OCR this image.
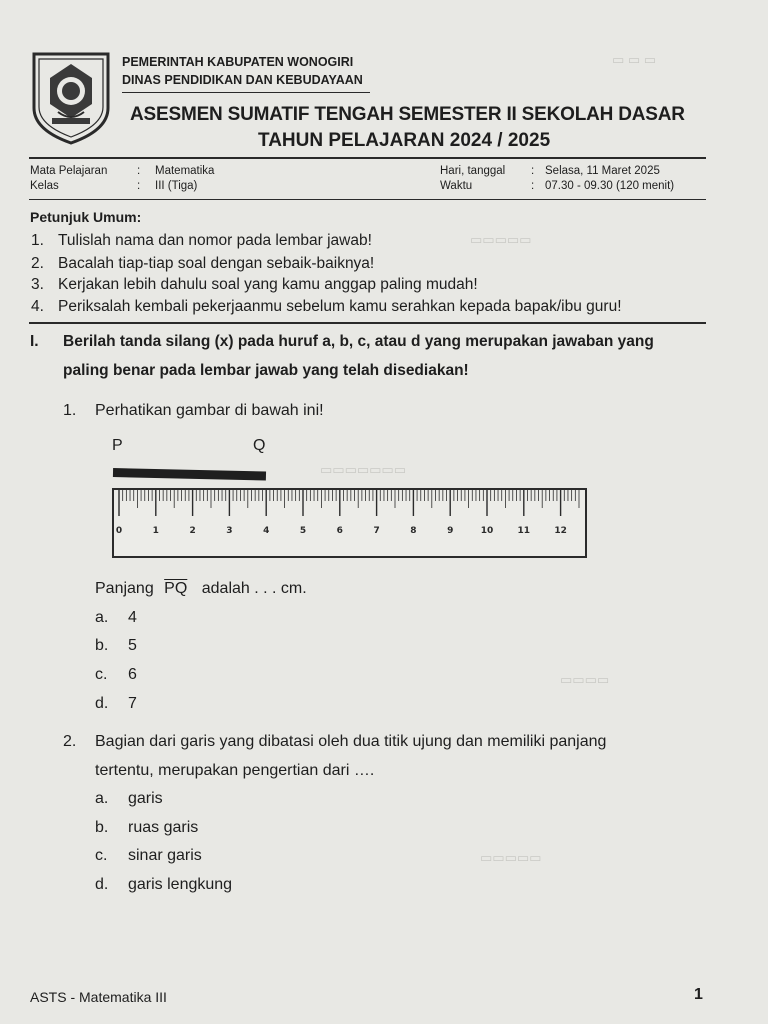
▭ ▭ ▭
▭▭▭▭▭
▭▭▭▭▭▭▭
▭▭▭▭
▭▭▭▭▭
PEMERINTAH KABUPATEN WONOGIRI
DINAS PENDIDIKAN DAN KEBUDAYAAN
ASESMEN SUMATIF TENGAH SEMESTER II SEKOLAH DASAR
TAHUN PELAJARAN 2024 / 2025
Mata Pelajaran	: Matematika
Kelas	: III (Tiga)
Hari, tanggal : Selasa, 11 Maret 2025
Waktu	: 07.30 - 09.30 (120 menit)
Petunjuk Umum:
1. Tulislah nama dan nomor pada lembar jawab!
2. Bacalah tiap-tiap soal dengan sebaik-baiknya!
3. Kerjakan lebih dahulu soal yang kamu anggap paling mudah!
4. Periksalah kembali pekerjaanmu sebelum kamu serahkan kepada bapak/ibu guru!
I. Berilah tanda silang (x) pada huruf a, b, c, atau d yang merupakan jawaban yang
paling benar pada lembar jawab yang telah disediakan!
1. Perhatikan gambar di bawah ini!
P	Q
0	1	2	3	4	5	6	7	8	9	10	11	12
Panjang $\overline{PQ}$ adalah . . . cm.
a. 4
b. 5
c. 6
d. 7
2. Bagian dari garis yang dibatasi oleh dua titik ujung dan memiliki panjang
tertentu, merupakan pengertian dari ….
a. garis
b. ruas garis
c. sinar garis
d. garis lengkung
ASTS - Matematika III	1
